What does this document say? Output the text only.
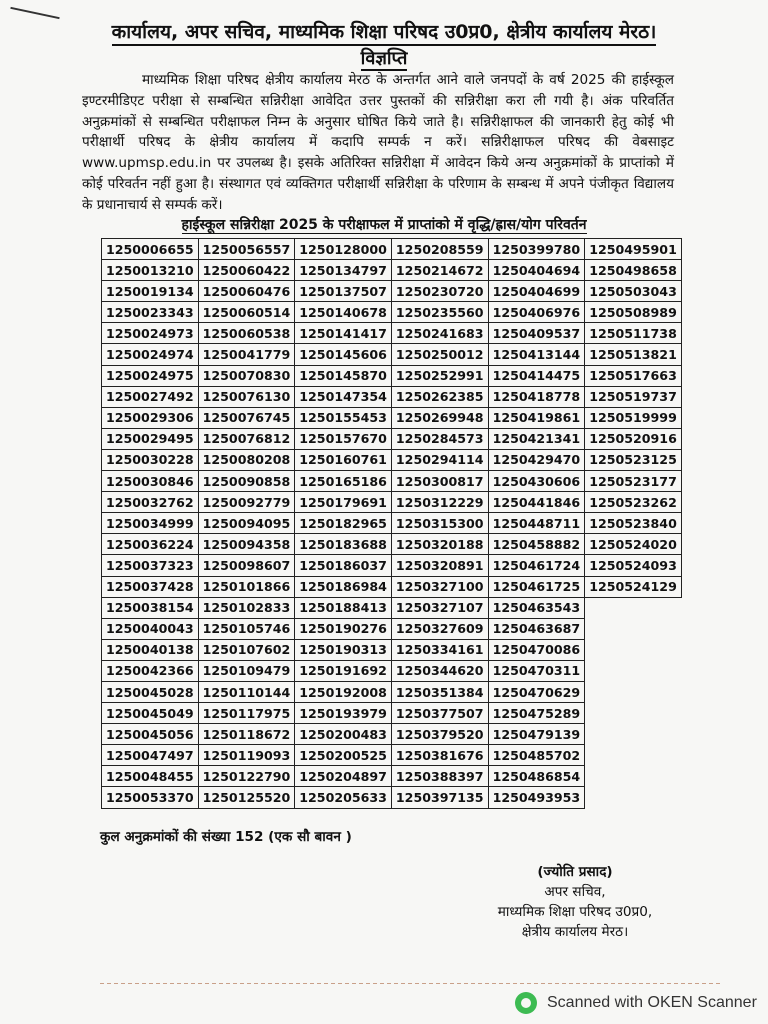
कार्यालय, अपर सचिव, माध्यमिक शिक्षा परिषद उ0प्र0, क्षेत्रीय कार्यालय मेरठ।
विज्ञप्ति
माध्यमिक शिक्षा परिषद क्षेत्रीय कार्यालय मेरठ के अन्तर्गत आने वाले जनपदों के वर्ष 2025 की हाईस्कूल इण्टरमीडिएट परीक्षा से सम्बन्धित सन्निरीक्षा आवेदित उत्तर पुस्तकों की सन्निरीक्षा करा ली गयी है। अंक परिवर्तित अनुक्रमांकों से सम्बन्धित परीक्षाफल निम्न के अनुसार घोषित किये जाते है। सन्निरीक्षाफल की जानकारी हेतु कोई भी परीक्षार्थी परिषद के क्षेत्रीय कार्यालय में कदापि सम्पर्क न करें। सन्निरीक्षाफल परिषद की वेबसाइट www.upmsp.edu.in पर उपलब्ध है। इसके अतिरिक्त सन्निरीक्षा में आवेदन किये अन्य अनुक्रमांकों के प्राप्तांको में कोई परिवर्तन नहीं हुआ है। संस्थागत एवं व्यक्तिगत परीक्षार्थी सन्निरीक्षा के परिणाम के सम्बन्ध में अपने पंजीकृत विद्यालय के प्रधानाचार्य से सम्पर्क करें।
हाईस्कूल सन्निरीक्षा 2025 के परीक्षाफल में प्राप्तांको में वृद्धि/ह्रास/योग परिवर्तन
1250006655	1250056557	1250128000	1250208559	1250399780	1250495901
1250013210	1250060422	1250134797	1250214672	1250404694	1250498658
1250019134	1250060476	1250137507	1250230720	1250404699	1250503043
1250023343	1250060514	1250140678	1250235560	1250406976	1250508989
1250024973	1250060538	1250141417	1250241683	1250409537	1250511738
1250024974	1250041779	1250145606	1250250012	1250413144	1250513821
1250024975	1250070830	1250145870	1250252991	1250414475	1250517663
1250027492	1250076130	1250147354	1250262385	1250418778	1250519737
1250029306	1250076745	1250155453	1250269948	1250419861	1250519999
1250029495	1250076812	1250157670	1250284573	1250421341	1250520916
1250030228	1250080208	1250160761	1250294114	1250429470	1250523125
1250030846	1250090858	1250165186	1250300817	1250430606	1250523177
1250032762	1250092779	1250179691	1250312229	1250441846	1250523262
1250034999	1250094095	1250182965	1250315300	1250448711	1250523840
1250036224	1250094358	1250183688	1250320188	1250458882	1250524020
1250037323	1250098607	1250186037	1250320891	1250461724	1250524093
1250037428	1250101866	1250186984	1250327100	1250461725	1250524129
1250038154	1250102833	1250188413	1250327107	1250463543	
1250040043	1250105746	1250190276	1250327609	1250463687	
1250040138	1250107602	1250190313	1250334161	1250470086	
1250042366	1250109479	1250191692	1250344620	1250470311	
1250045028	1250110144	1250192008	1250351384	1250470629	
1250045049	1250117975	1250193979	1250377507	1250475289	
1250045056	1250118672	1250200483	1250379520	1250479139	
1250047497	1250119093	1250200525	1250381676	1250485702	
1250048455	1250122790	1250204897	1250388397	1250486854	
1250053370	1250125520	1250205633	1250397135	1250493953	
कुल अनुक्रमांकों की संख्या 152 (एक सौ बावन )
(ज्योति प्रसाद)
अपर सचिव,
माध्यमिक शिक्षा परिषद उ0प्र0,
क्षेत्रीय कार्यालय मेरठ।
Scanned with OKEN Scanner
